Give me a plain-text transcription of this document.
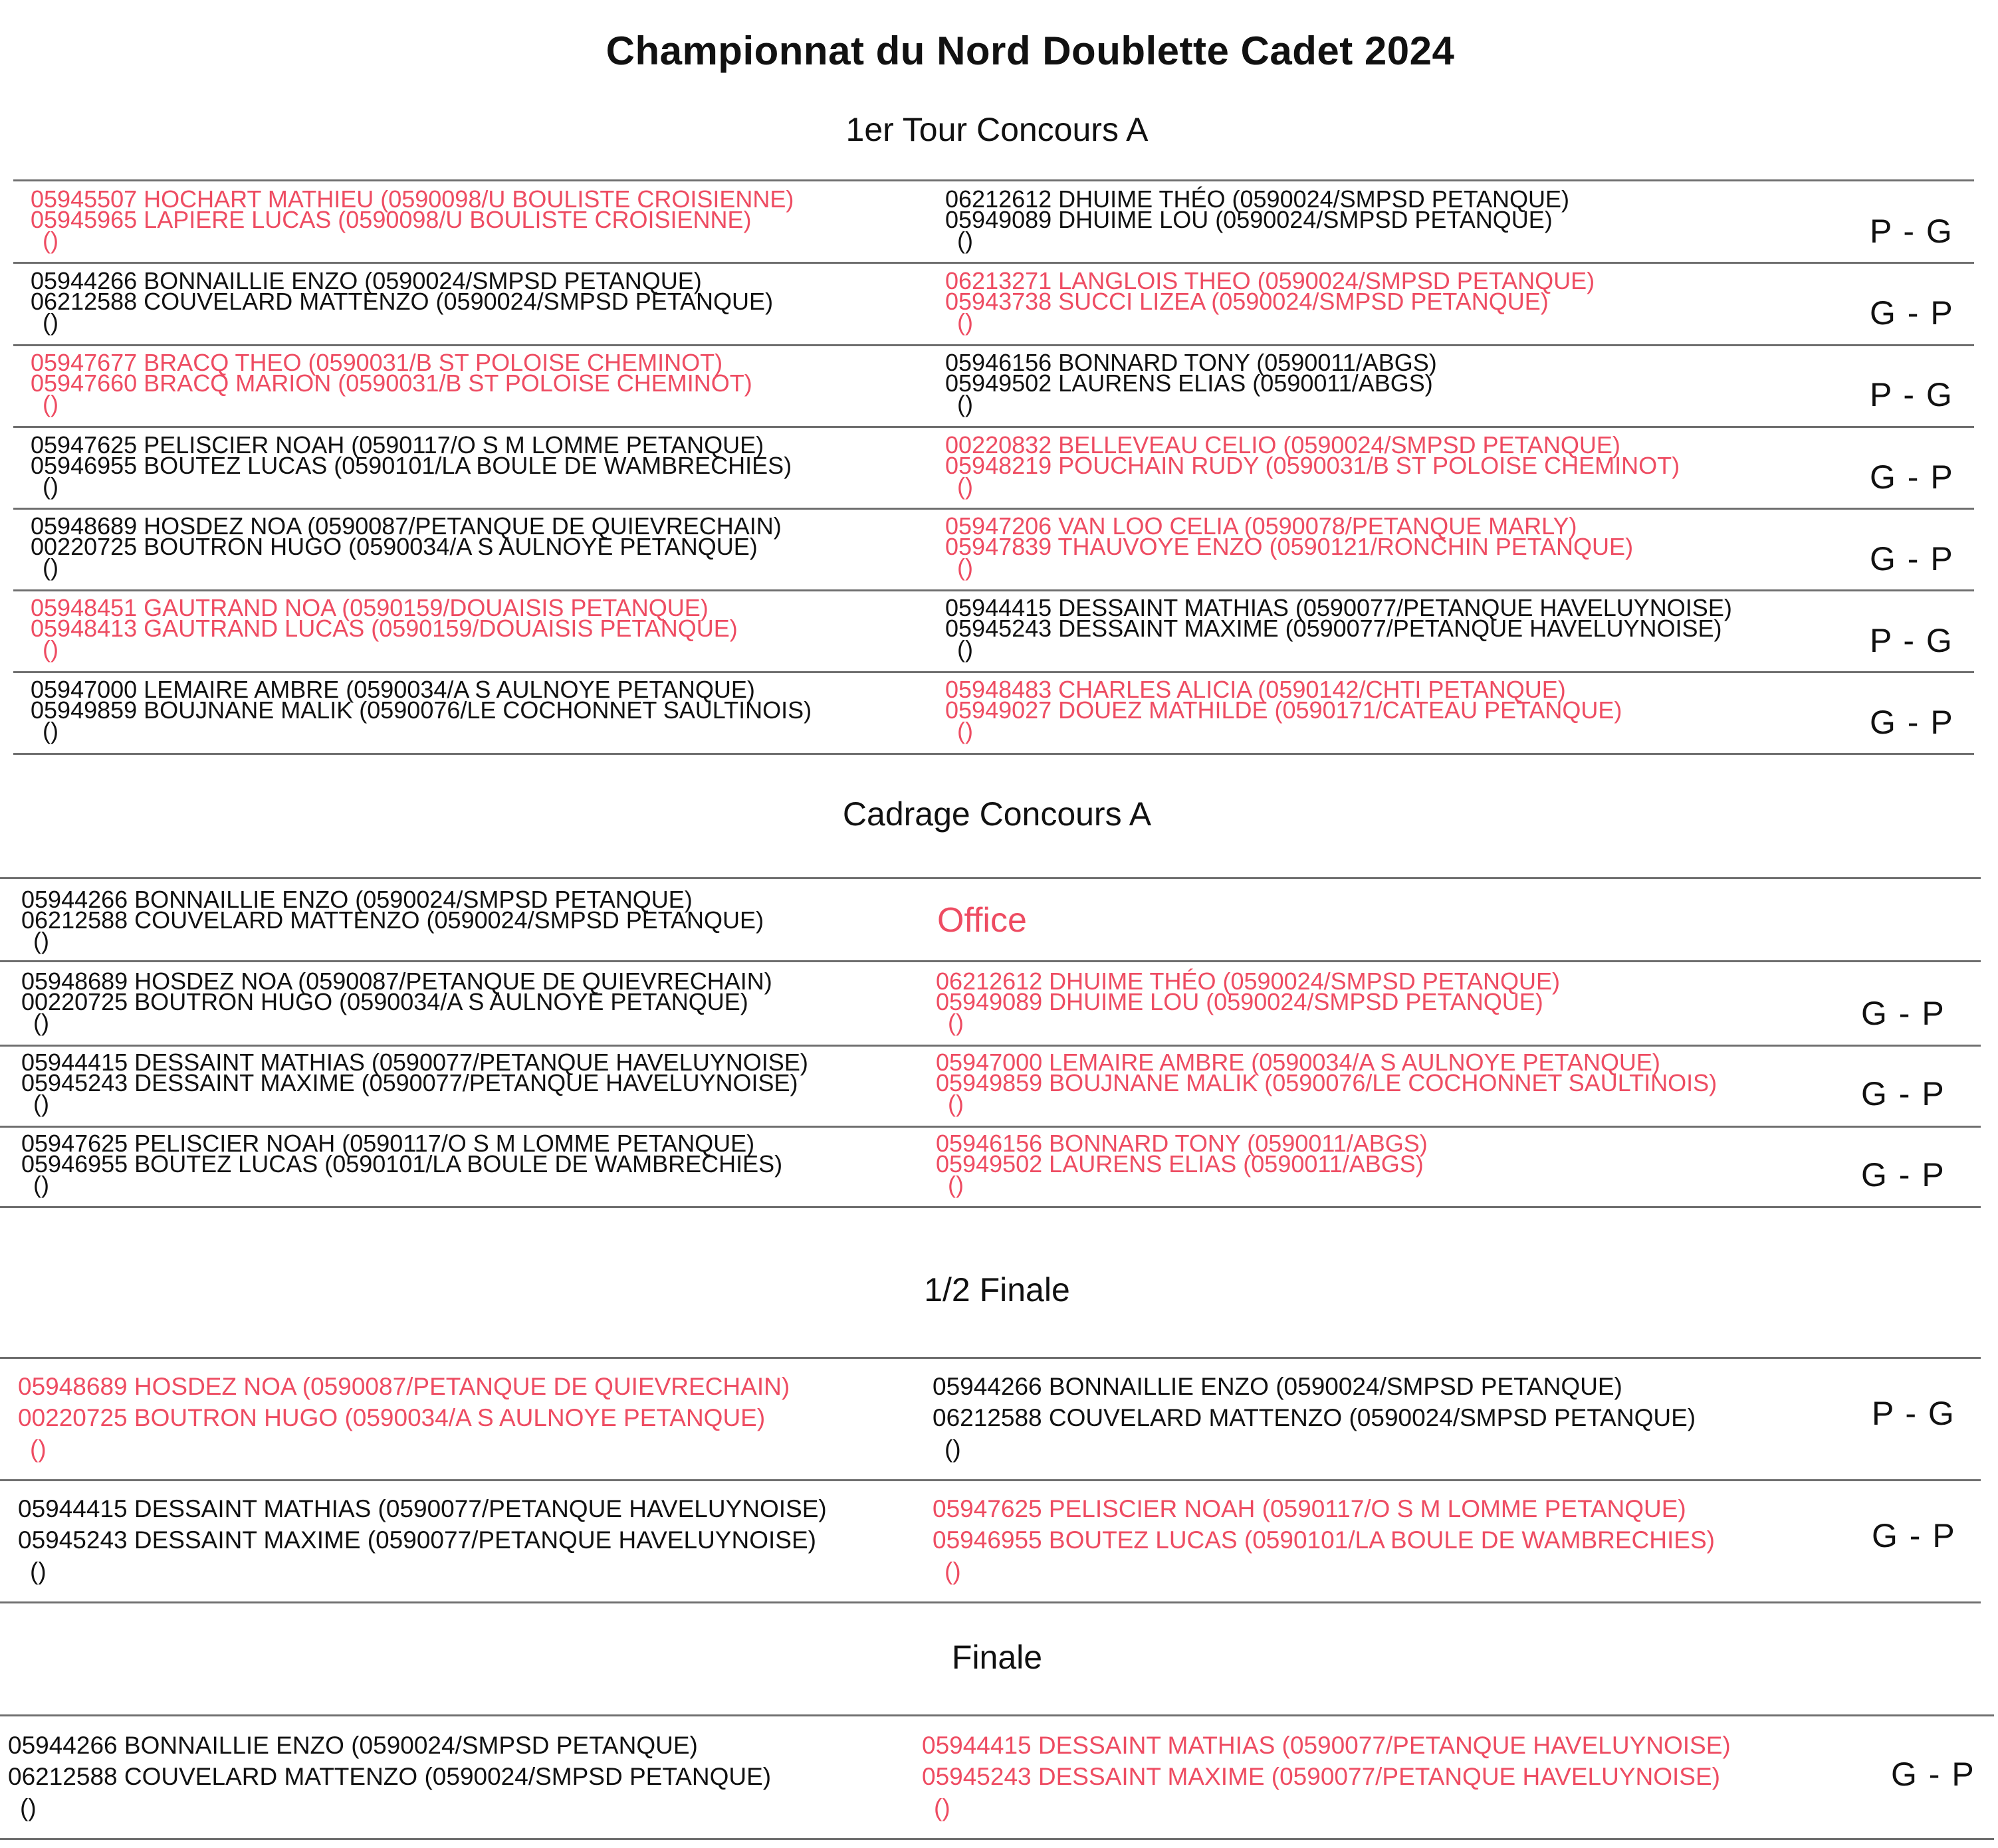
Championnat du Nord Doublette Cadet 2024
1er Tour Concours A
05945507 HOCHART MATHIEU (0590098/U BOULISTE CROISIENNE)
05945965 LAPIERE LUCAS (0590098/U BOULISTE CROISIENNE)
()
06212612 DHUIME THÉO (0590024/SMPSD PETANQUE)
05949089 DHUIME LOU (0590024/SMPSD PETANQUE)
()	P - G
05944266 BONNAILLIE ENZO (0590024/SMPSD PETANQUE)
06212588 COUVELARD MATTENZO (0590024/SMPSD PETANQUE)
()
06213271 LANGLOIS THEO (0590024/SMPSD PETANQUE)
05943738 SUCCI LIZEA (0590024/SMPSD PETANQUE)
()	G - P
05947677 BRACQ THEO (0590031/B ST POLOISE CHEMINOT)
05947660 BRACQ MARION (0590031/B ST POLOISE CHEMINOT)
()
05946156 BONNARD TONY (0590011/ABGS)
05949502 LAURENS ELIAS (0590011/ABGS)
()	P - G
05947625 PELISCIER NOAH (0590117/O S M LOMME PETANQUE)
05946955 BOUTEZ LUCAS (0590101/LA BOULE DE WAMBRECHIES)
()
00220832 BELLEVEAU CELIO (0590024/SMPSD PETANQUE)
05948219 POUCHAIN RUDY (0590031/B ST POLOISE CHEMINOT)
()	G - P
05948689 HOSDEZ NOA (0590087/PETANQUE DE QUIEVRECHAIN)
00220725 BOUTRON HUGO (0590034/A S AULNOYE PETANQUE)
()
05947206 VAN LOO CELIA (0590078/PETANQUE MARLY)
05947839 THAUVOYE ENZO (0590121/RONCHIN PETANQUE)
()	G - P
05948451 GAUTRAND NOA (0590159/DOUAISIS PETANQUE)
05948413 GAUTRAND LUCAS (0590159/DOUAISIS PETANQUE)
()
05944415 DESSAINT MATHIAS (0590077/PETANQUE HAVELUYNOISE)
05945243 DESSAINT MAXIME (0590077/PETANQUE HAVELUYNOISE)
()	P - G
05947000 LEMAIRE AMBRE (0590034/A S AULNOYE PETANQUE)
05949859 BOUJNANE MALIK (0590076/LE COCHONNET SAULTINOIS)
()
05948483 CHARLES ALICIA (0590142/CHTI PETANQUE)
05949027 DOUEZ MATHILDE (0590171/CATEAU PETANQUE)
()	G - P
Cadrage Concours A
05944266 BONNAILLIE ENZO (0590024/SMPSD PETANQUE)
06212588 COUVELARD MATTENZO (0590024/SMPSD PETANQUE)
()
Office
05948689 HOSDEZ NOA (0590087/PETANQUE DE QUIEVRECHAIN)
00220725 BOUTRON HUGO (0590034/A S AULNOYE PETANQUE)
()
06212612 DHUIME THÉO (0590024/SMPSD PETANQUE)
05949089 DHUIME LOU (0590024/SMPSD PETANQUE)
()	G - P
05944415 DESSAINT MATHIAS (0590077/PETANQUE HAVELUYNOISE)
05945243 DESSAINT MAXIME (0590077/PETANQUE HAVELUYNOISE)
()
05947000 LEMAIRE AMBRE (0590034/A S AULNOYE PETANQUE)
05949859 BOUJNANE MALIK (0590076/LE COCHONNET SAULTINOIS)
()	G - P
05947625 PELISCIER NOAH (0590117/O S M LOMME PETANQUE)
05946955 BOUTEZ LUCAS (0590101/LA BOULE DE WAMBRECHIES)
()
05946156 BONNARD TONY (0590011/ABGS)
05949502 LAURENS ELIAS (0590011/ABGS)
()	G - P
1/2 Finale
05948689 HOSDEZ NOA (0590087/PETANQUE DE QUIEVRECHAIN)
00220725 BOUTRON HUGO (0590034/A S AULNOYE PETANQUE)
()
05944266 BONNAILLIE ENZO (0590024/SMPSD PETANQUE)
06212588 COUVELARD MATTENZO (0590024/SMPSD PETANQUE)
()
P - G
05944415 DESSAINT MATHIAS (0590077/PETANQUE HAVELUYNOISE)
05945243 DESSAINT MAXIME (0590077/PETANQUE HAVELUYNOISE)
()
05947625 PELISCIER NOAH (0590117/O S M LOMME PETANQUE)
05946955 BOUTEZ LUCAS (0590101/LA BOULE DE WAMBRECHIES)
()
G - P
Finale
05944266 BONNAILLIE ENZO (0590024/SMPSD PETANQUE)
06212588 COUVELARD MATTENZO (0590024/SMPSD PETANQUE)
()
05944415 DESSAINT MATHIAS (0590077/PETANQUE HAVELUYNOISE)
05945243 DESSAINT MAXIME (0590077/PETANQUE HAVELUYNOISE)
()
G - P
